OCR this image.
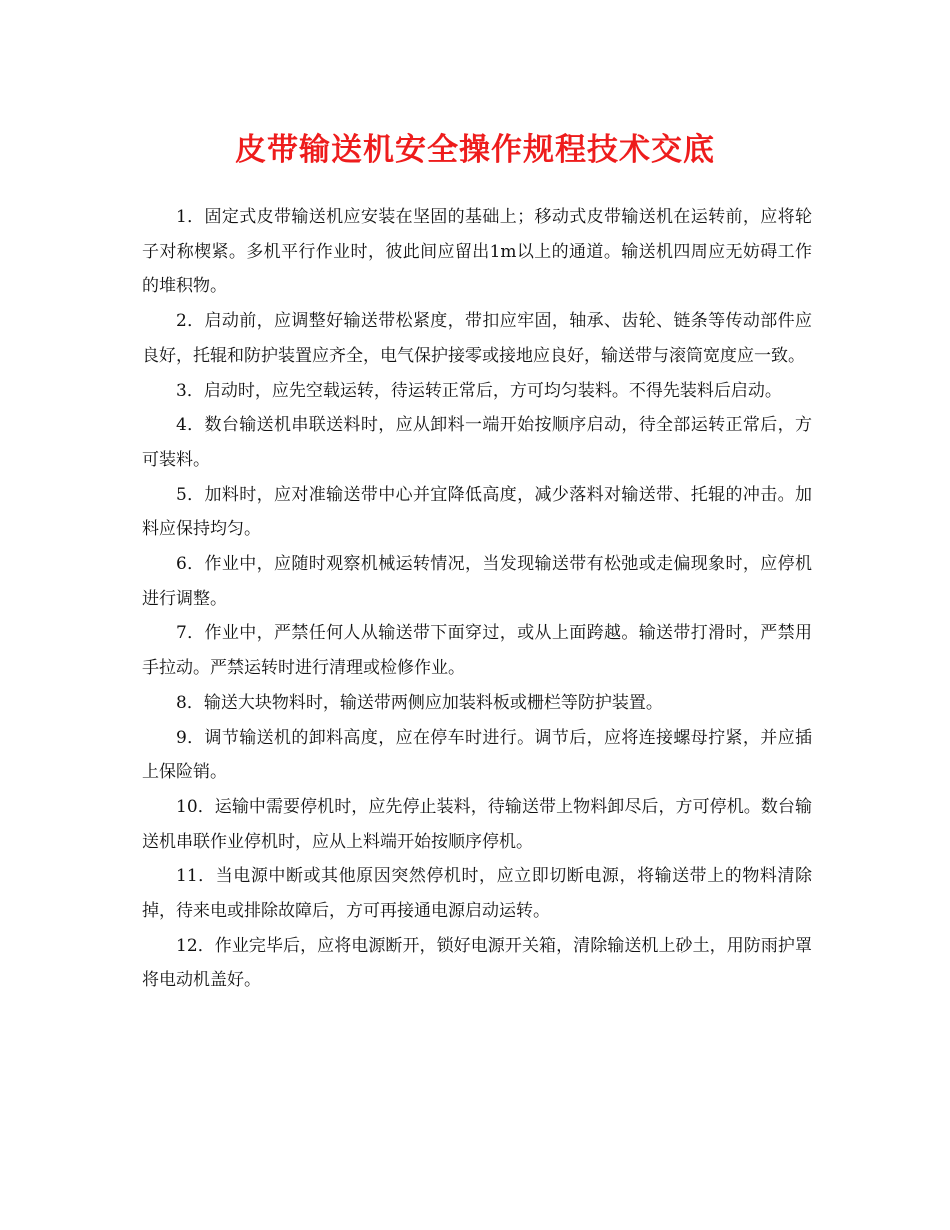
皮带输送机安全操作规程技术交底

1．固定式皮带输送机应安装在坚固的基础上；移动式皮带输送机在运转前，应将轮子对称楔紧。多机平行作业时，彼此间应留出1m以上的通道。输送机四周应无妨碍工作的堆积物。

2．启动前，应调整好输送带松紧度，带扣应牢固，轴承、齿轮、链条等传动部件应良好，托辊和防护装置应齐全，电气保护接零或接地应良好，输送带与滚筒宽度应一致。

3．启动时，应先空载运转，待运转正常后，方可均匀装料。不得先装料后启动。

4．数台输送机串联送料时，应从卸料一端开始按顺序启动，待全部运转正常后，方可装料。

5．加料时，应对准输送带中心并宜降低高度，减少落料对输送带、托辊的冲击。加料应保持均匀。

6．作业中，应随时观察机械运转情况，当发现输送带有松弛或走偏现象时，应停机进行调整。

7．作业中，严禁任何人从输送带下面穿过，或从上面跨越。输送带打滑时，严禁用手拉动。严禁运转时进行清理或检修作业。

8．输送大块物料时，输送带两侧应加装料板或栅栏等防护装置。

9．调节输送机的卸料高度，应在停车时进行。调节后，应将连接螺母拧紧，并应插上保险销。

10．运输中需要停机时，应先停止装料，待输送带上物料卸尽后，方可停机。数台输送机串联作业停机时，应从上料端开始按顺序停机。

11．当电源中断或其他原因突然停机时，应立即切断电源，将输送带上的物料清除掉，待来电或排除故障后，方可再接通电源启动运转。

12．作业完毕后，应将电源断开，锁好电源开关箱，清除输送机上砂土，用防雨护罩将电动机盖好。
